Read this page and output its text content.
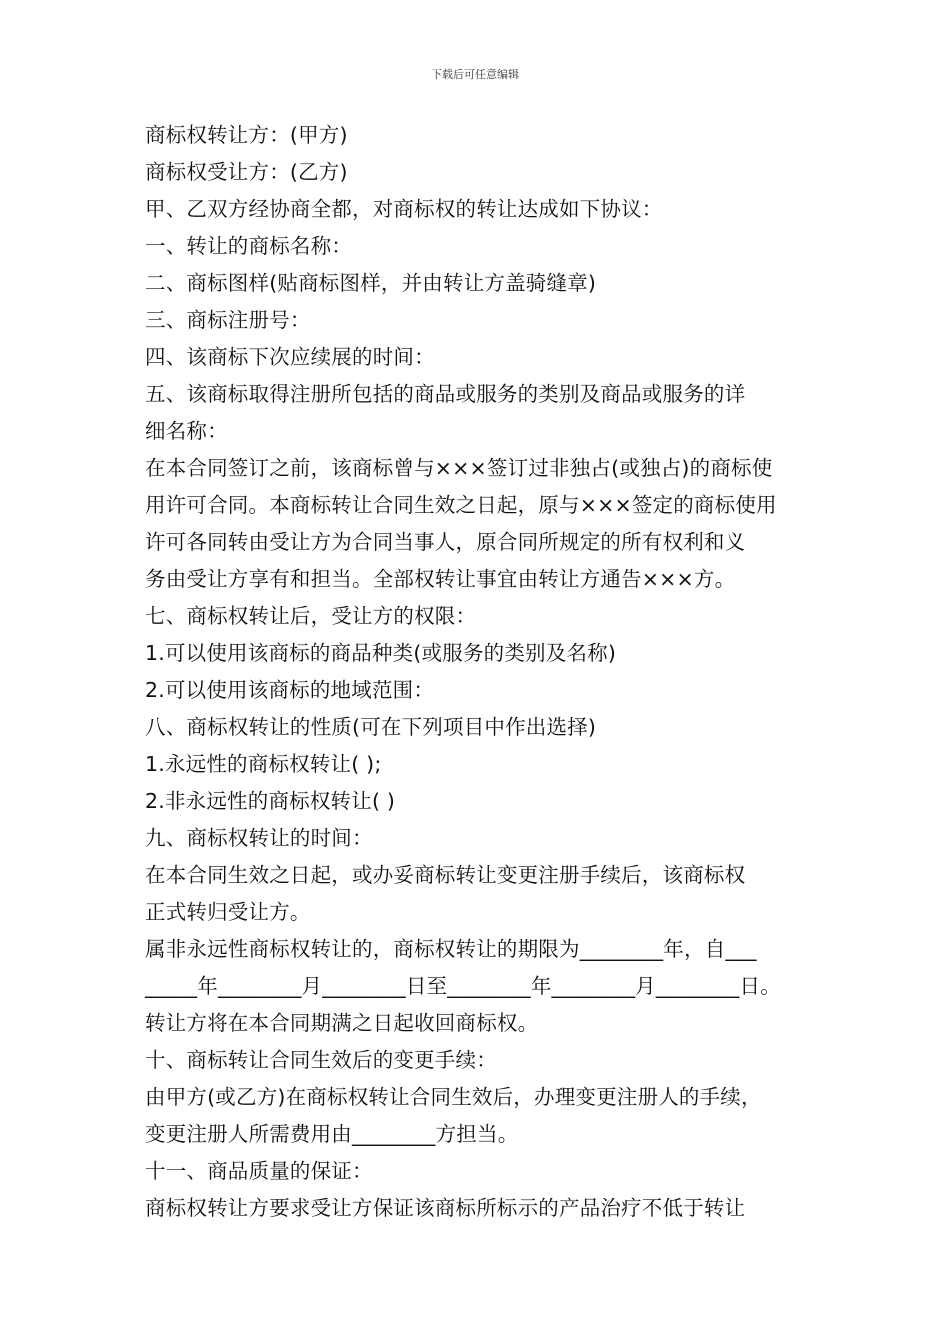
下载后可任意编辑
商标权转让方：(甲方)
商标权受让方：(乙方)
甲、乙双方经协商全都，对商标权的转让达成如下协议：
一、转让的商标名称：
二、商标图样(贴商标图样，并由转让方盖骑缝章)
三、商标注册号：
四、该商标下次应续展的时间：
五、该商标取得注册所包括的商品或服务的类别及商品或服务的详
细名称：
在本合同签订之前，该商标曾与×××签订过非独占(或独占)的商标使
用许可合同。本商标转让合同生效之日起，原与×××签定的商标使用
许可各同转由受让方为合同当事人，原合同所规定的所有权利和义
务由受让方享有和担当。全部权转让事宜由转让方通告×××方。
七、商标权转让后，受让方的权限：
1.可以使用该商标的商品种类(或服务的类别及名称)
2.可以使用该商标的地域范围：
八、商标权转让的性质(可在下列项目中作出选择)
1.永远性的商标权转让( );
2.非永远性的商标权转让( )
九、商标权转让的时间：
在本合同生效之日起，或办妥商标转让变更注册手续后，该商标权
正式转归受让方。
属非永远性商标权转让的，商标权转让的期限为________年，自___
_____年________月________日至________年________月________日。
转让方将在本合同期满之日起收回商标权。
十、商标转让合同生效后的变更手续：
由甲方(或乙方)在商标权转让合同生效后，办理变更注册人的手续，
变更注册人所需费用由________方担当。
十一、商品质量的保证：
商标权转让方要求受让方保证该商标所标示的产品治疗不低于转让
